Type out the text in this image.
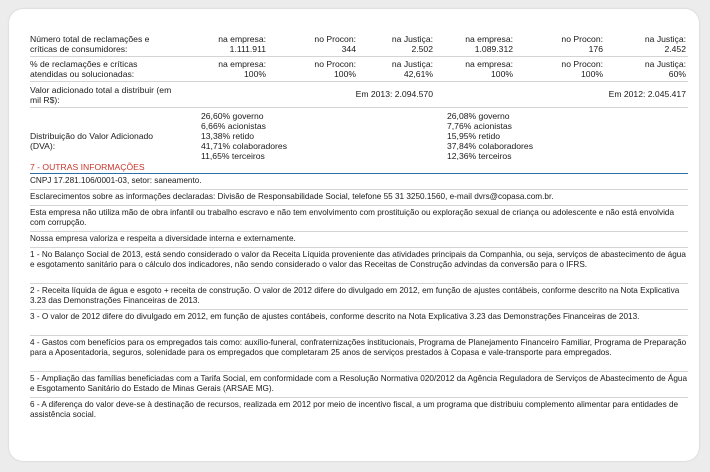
Número total de reclamações e
críticas de consumidores:
na empresa:
1.111.911
no Procon:
344
na Justiça:
2.502
na empresa:
1.089.312
no Procon:
176
na Justiça:
2.452
% de reclamações e críticas
atendidas ou solucionadas:
na empresa:
100%
no Procon:
100%
na Justiça:
42,61%
na empresa:
100%
no Procon:
100%
na Justiça:
60%
Valor adicionado total a distribuir (em
mil R$):
Em 2013: 2.094.570	Em 2012: 2.045.417
Distribuição do Valor Adicionado
(DVA):
26,60% governo
6,66% acionistas
13,38% retido
41,71% colaboradores
11,65% terceiros
26,08% governo
7,76% acionistas
15,95% retido
37,84% colaboradores
12,36% terceiros
7 - OUTRAS INFORMAÇÕES
CNPJ 17.281.106/0001-03, setor: saneamento.
Esclarecimentos sobre as informações declaradas: Divisão de Responsabilidade Social, telefone 55 31 3250.1560, e-mail dvrs@copasa.com.br.
Esta empresa não utiliza mão de obra infantil ou trabalho escravo e não tem envolvimento com prostituição ou exploração sexual de criança ou adolescente e não está envolvida com corrupção.
Nossa empresa valoriza e respeita a diversidade interna e externamente.
1 - No Balanço Social de 2013, está sendo considerado o valor da Receita Líquida proveniente das atividades principais da Companhia, ou seja, serviços de abastecimento de água e esgotamento sanitário para o cálculo dos indicadores, não sendo considerado o valor das Receitas de Construção advindas da conversão para o IFRS.
2 - Receita líquida de água e esgoto + receita de construção. O valor de 2012 difere do divulgado em 2012, em função de ajustes contábeis, conforme descrito na Nota Explicativa 3.23 das Demonstrações Financeiras de 2013.
3 - O valor de 2012 difere do divulgado em 2012, em função de ajustes contábeis, conforme descrito na Nota Explicativa 3.23 das Demonstrações Financeiras de 2013.
4 - Gastos com benefícios para os empregados tais como: auxílio-funeral, confraternizações institucionais, Programa de Planejamento Financeiro Familiar, Programa de Preparação para a Aposentadoria, seguros, solenidade para os empregados que completaram 25 anos de serviços prestados à Copasa e vale-transporte para empregados.
5 - Ampliação das famílias beneficiadas com a Tarifa Social, em conformidade com a Resolução Normativa 020/2012 da Agência Reguladora de Serviços de Abastecimento de Água e Esgotamento Sanitário do Estado de Minas Gerais (ARSAE MG).
6 - A diferença do valor deve-se à destinação de recursos, realizada em 2012 por meio de incentivo fiscal, a um programa que distribuiu complemento alimentar para entidades de assistência social.
